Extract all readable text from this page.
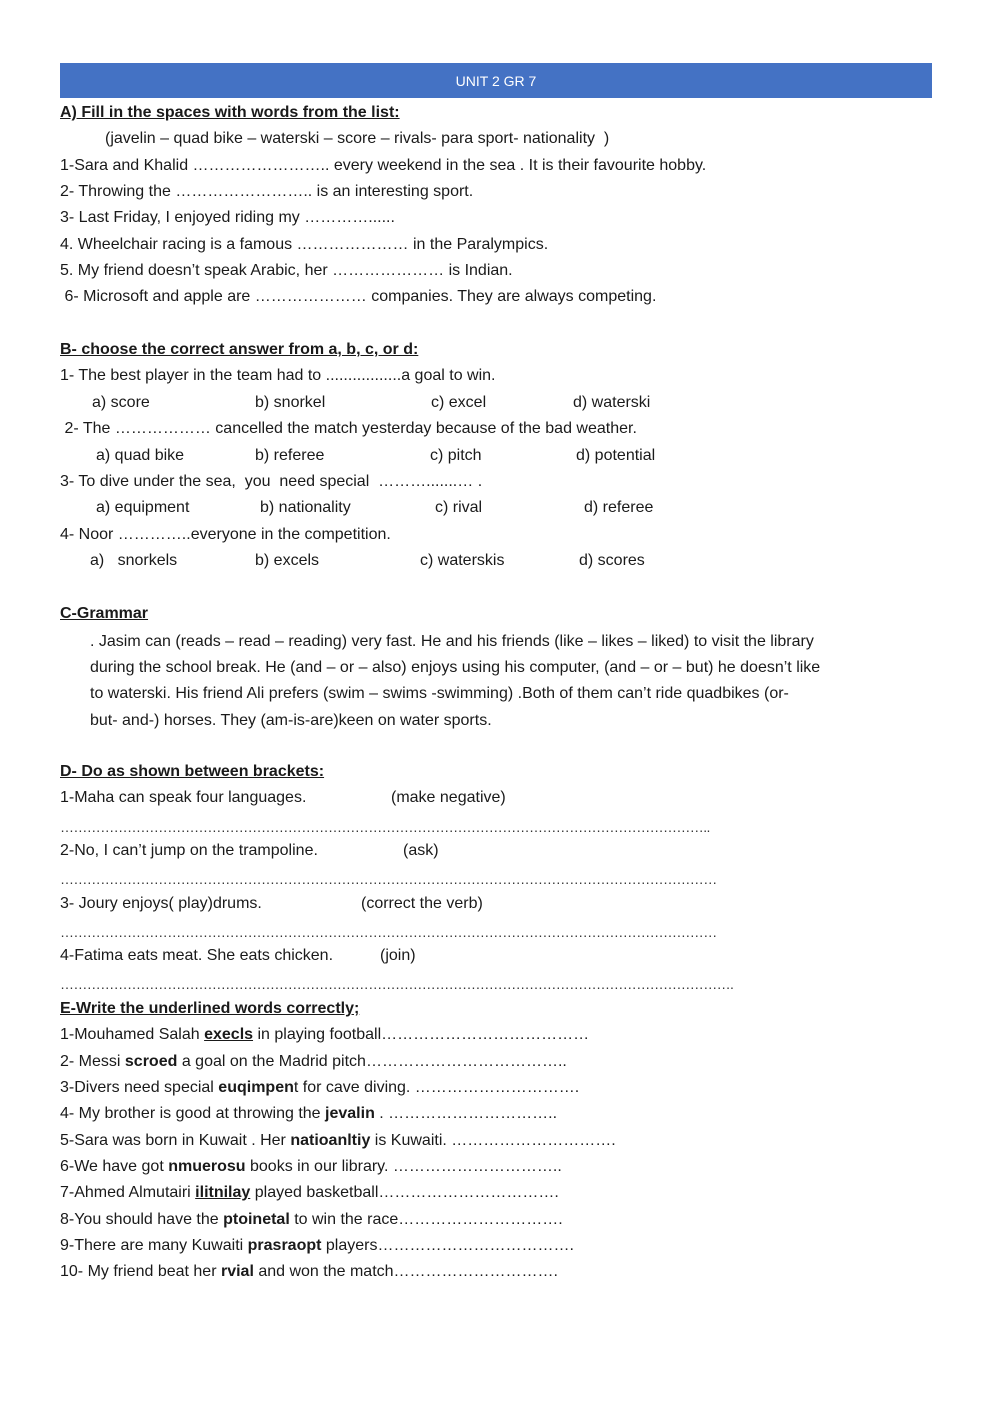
UNIT 2 GR 7
A) Fill in the spaces with words from the list:
(javelin – quad bike – waterski – score – rivals- para sport- nationality  )
1-Sara and Khalid …………………….. every weekend in the sea . It is their favourite hobby.
2- Throwing the …………………….. is an interesting sport.
3- Last Friday, I enjoyed riding my …………......
4. Wheelchair racing is a famous ………………… in the Paralympics.
5. My friend doesn’t speak Arabic, her ………………… is Indian.
6- Microsoft and apple are ………………… companies. They are always competing.
B- choose the correct answer from a, b, c, or d:
1- The best player in the team had to .................a goal to win.
a) score	b) snorkel	c) excel	d) waterski
2- The ……………… cancelled the match yesterday because of the bad weather.
a) quad bike	b) referee	c) pitch	d) potential
3- To dive under the sea,  you  need special  ……….......… .
a) equipment	b) nationality	c) rival	d) referee
4- Noor …………..everyone in the competition.
a)   snorkels	b) excels	c) waterskis	d) scores
C-Grammar
. Jasim can (reads – read – reading) very fast. He and his friends (like – likes – liked) to visit the library
during the school break. He (and – or – also) enjoys using his computer, (and – or – but) he doesn’t like
to waterski. His friend Ali prefers (swim – swims -swimming) .Both of them can’t ride quadbikes (or-
but- and-) horses. They (am-is-are)keen on water sports.
D- Do as shown between brackets:
1-Maha can speak four languages.	(make negative)
………………………………………………………………………………………………………………………………..
2-No, I can’t jump on the trampoline.	(ask)
…………………………………………………………………………………………………………………………………
3- Joury enjoys( play)drums.	(correct the verb)
…………………………………………………………………………………………………………………………………
4-Fatima eats meat. She eats chicken.	(join)
…………………………………………………………………………………………………………………………………….
E-Write the underlined words correctly;
1-Mouhamed Salah execls in playing football…………………………………
2- Messi scroed a goal on the Madrid pitch………………………………..
3-Divers need special euqimpent for cave diving. ………………………….
4- My brother is good at throwing the jevalin . …………………………..
5-Sara was born in Kuwait . Her natioanltiy is Kuwaiti. ………………………….
6-We have got nmuerosu books in our library. …………………………..
7-Ahmed Almutairi ilitnilay played basketball…………………………….
8-You should have the ptoinetal to win the race………………………….
9-There are many Kuwaiti prasraopt players……………………………….
10- My friend beat her rvial and won the match………………………….
